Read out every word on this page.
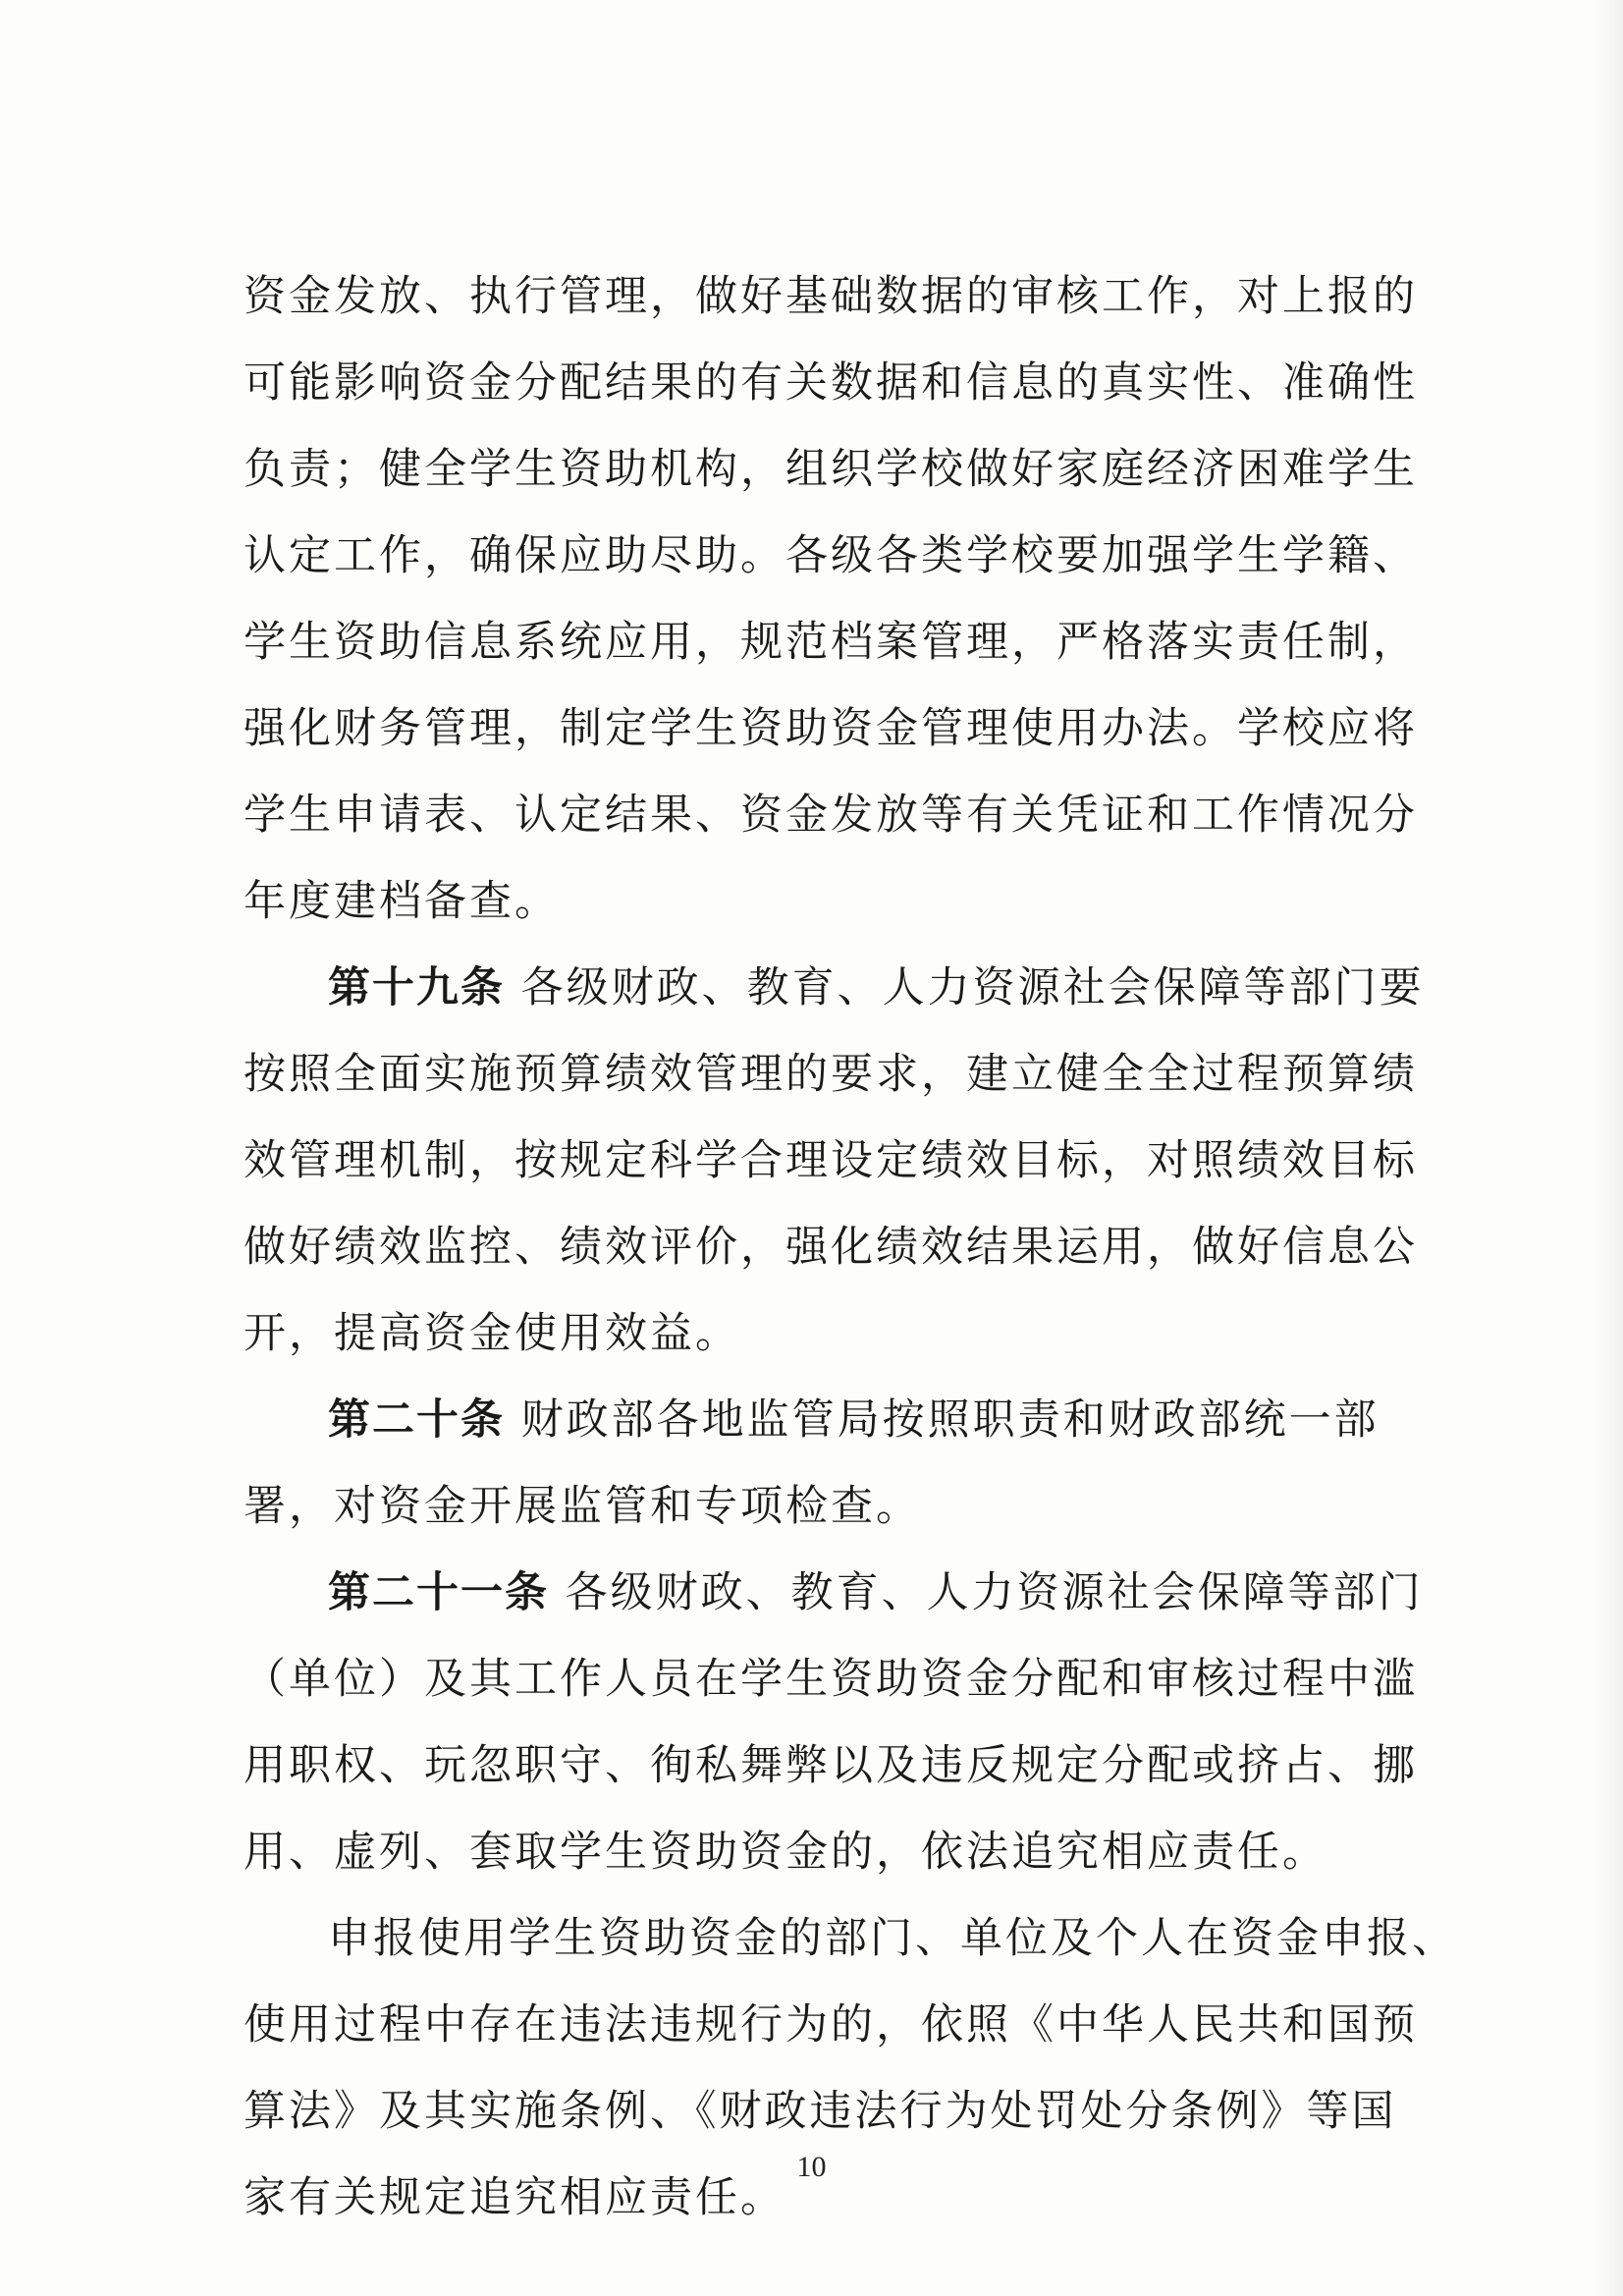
资金发放、执行管理，做好基础数据的审核工作，对上报的
可能影响资金分配结果的有关数据和信息的真实性、准确性
负责；健全学生资助机构，组织学校做好家庭经济困难学生
认定工作，确保应助尽助。各级各类学校要加强学生学籍、
学生资助信息系统应用，规范档案管理，严格落实责任制，
强化财务管理，制定学生资助资金管理使用办法。学校应将
学生申请表、认定结果、资金发放等有关凭证和工作情况分
年度建档备查。
第十九条 各级财政、教育、人力资源社会保障等部门要
按照全面实施预算绩效管理的要求，建立健全全过程预算绩
效管理机制，按规定科学合理设定绩效目标，对照绩效目标
做好绩效监控、绩效评价，强化绩效结果运用，做好信息公
开，提高资金使用效益。
第二十条 财政部各地监管局按照职责和财政部统一部
署，对资金开展监管和专项检查。
第二十一条 各级财政、教育、人力资源社会保障等部门
（单位）及其工作人员在学生资助资金分配和审核过程中滥
用职权、玩忽职守、徇私舞弊以及违反规定分配或挤占、挪
用、虚列、套取学生资助资金的，依法追究相应责任。
申报使用学生资助资金的部门、单位及个人在资金申报、
使用过程中存在违法违规行为的，依照《中华人民共和国预
算法》及其实施条例、《财政违法行为处罚处分条例》等国
家有关规定追究相应责任。
10
